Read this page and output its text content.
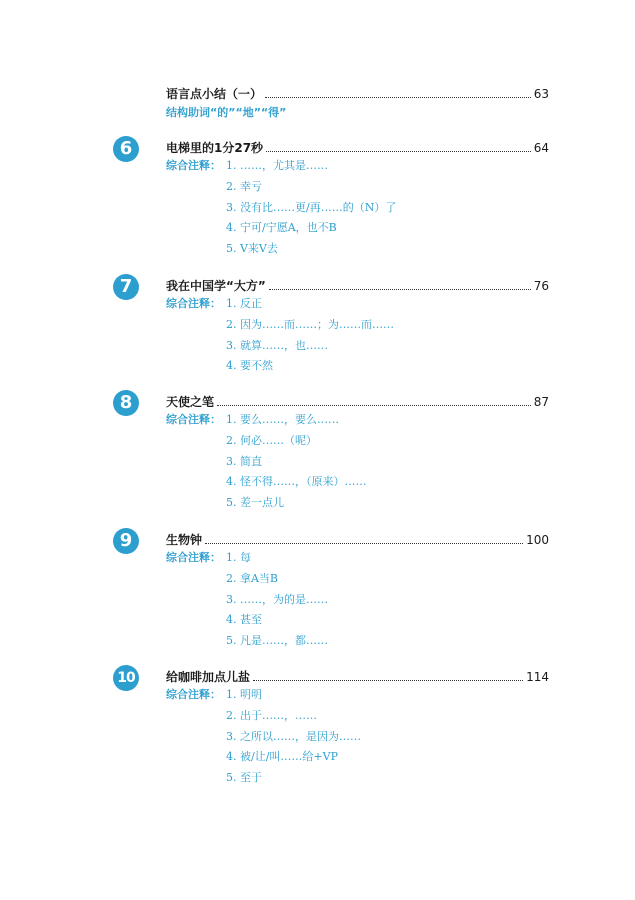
语言点小结（一）	63
结构助词“的”“地”“得”
6	电梯里的1分27秒	64
综合注释： 1. ……，尤其是……
2. 幸亏
3. 没有比……更/再……的（N）了
4. 宁可/宁愿A，也不B
5. V来V去
7	我在中国学“大方”	76
综合注释： 1. 反正
2. 因为……而……；为……而……
3. 就算……，也……
4. 要不然
8	天使之笔	87
综合注释： 1. 要么……，要么……
2. 何必……（呢）
3. 简直
4. 怪不得……，（原来）……
5. 差一点儿
9	生物钟	100
综合注释： 1. 每
2. 拿A当B
3. ……，为的是……
4. 甚至
5. 凡是……，都……
10	给咖啡加点儿盐	114
综合注释： 1. 明明
2. 出于……，……
3. 之所以……，是因为……
4. 被/让/叫……给+VP
5. 至于
